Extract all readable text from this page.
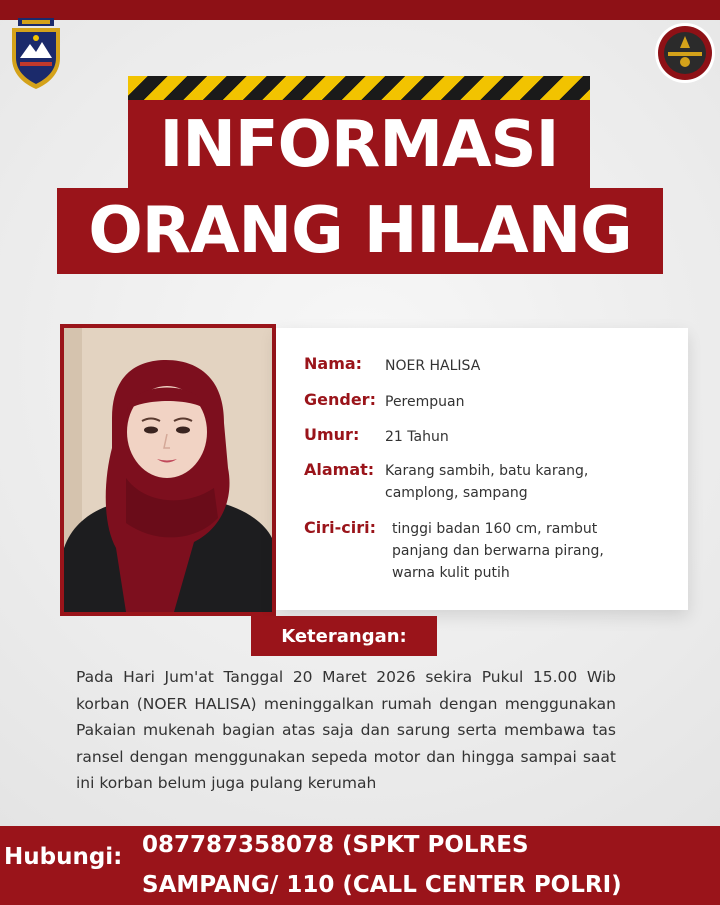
INFORMASI
ORANG HILANG
Nama:	NOER HALISA
Gender: Perempuan
Umur:	21 Tahun
Alamat: Karang sambih, batu karang,
camplong, sampang
Ciri-ciri:	tinggi badan 160 cm, rambut
panjang dan berwarna pirang,
warna kulit putih
Keterangan:
Pada Hari Jum'at Tanggal 20 Maret 2026 sekira Pukul 15.00 Wib korban (NOER HALISA) meninggalkan rumah dengan menggunakan Pakaian mukenah bagian atas saja dan sarung serta membawa tas ransel dengan menggunakan sepeda motor dan hingga sampai saat ini korban belum juga pulang kerumah
Hubungi: 087787358078 (SPKT POLRES
SAMPANG/ 110 (CALL CENTER POLRI)
